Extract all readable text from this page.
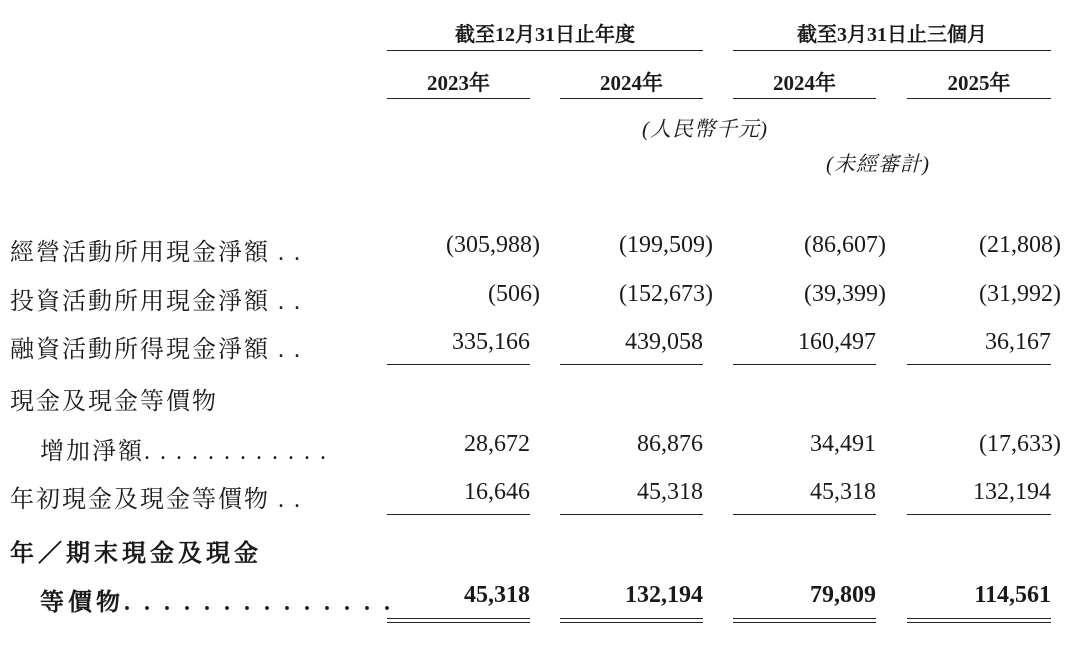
截至12月31日止年度	截至3月31日止三個月
2023年	2024年	2024年	2025年
(人民幣千元)
(未經審計)
經營活動所用現金淨額 . .	(305,988)	(199,509)	(86,607)	(21,808)
投資活動所用現金淨額 . .	(506)	(152,673)	(39,399)	(31,992)
融資活動所得現金淨額 . .	335,166	439,058	160,497	36,167
現金及現金等價物
增加淨額. . . . . . . . . . . .	28,672	86,876	34,491	(17,633)
年初現金及現金等價物 . .	16,646	45,318	45,318	132,194
年／期末現金及現金
等價物. . . . . . . . . . . . . .	45,318	132,194	79,809	114,561
